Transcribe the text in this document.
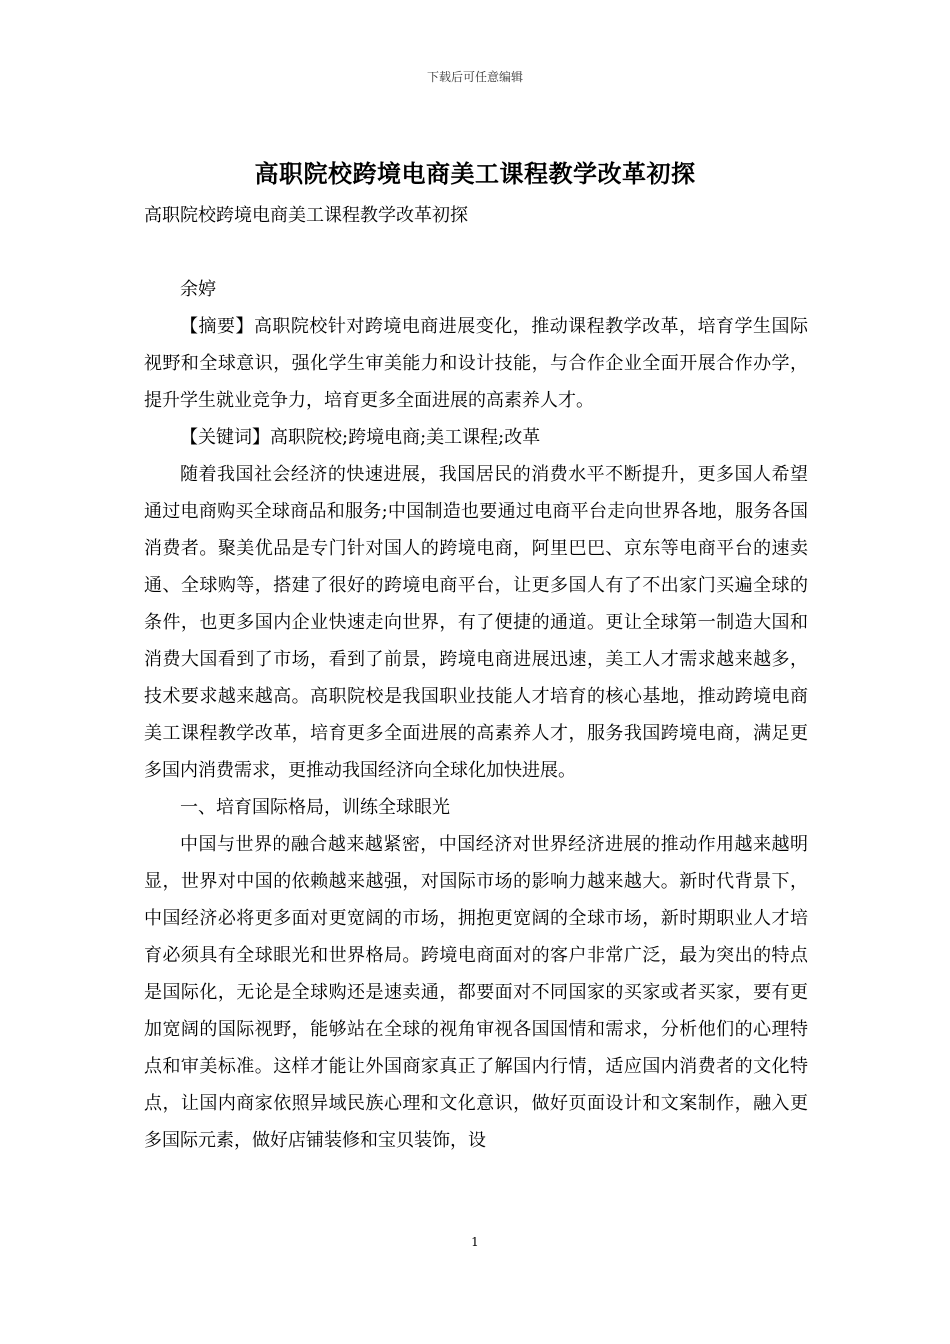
下载后可任意编辑
高职院校跨境电商美工课程教学改革初探
高职院校跨境电商美工课程教学改革初探

余婷

【摘要】高职院校针对跨境电商进展变化，推动课程教学改革，培育学生国际视野和全球意识，强化学生审美能力和设计技能，与合作企业全面开展合作办学，提升学生就业竞争力，培育更多全面进展的高素养人才。

【关键词】高职院校;跨境电商;美工课程;改革

随着我国社会经济的快速进展，我国居民的消费水平不断提升，更多国人希望通过电商购买全球商品和服务;中国制造也要通过电商平台走向世界各地，服务各国消费者。聚美优品是专门针对国人的跨境电商，阿里巴巴、京东等电商平台的速卖通、全球购等，搭建了很好的跨境电商平台，让更多国人有了不出家门买遍全球的条件，也更多国内企业快速走向世界，有了便捷的通道。更让全球第一制造大国和消费大国看到了市场，看到了前景，跨境电商进展迅速，美工人才需求越来越多，技术要求越来越高。高职院校是我国职业技能人才培育的核心基地，推动跨境电商美工课程教学改革，培育更多全面进展的高素养人才，服务我国跨境电商，满足更多国内消费需求，更推动我国经济向全球化加快进展。

一、培育国际格局，训练全球眼光

中国与世界的融合越来越紧密，中国经济对世界经济进展的推动作用越来越明显，世界对中国的依赖越来越强，对国际市场的影响力越来越大。新时代背景下，中国经济必将更多面对更宽阔的市场，拥抱更宽阔的全球市场，新时期职业人才培育必须具有全球眼光和世界格局。跨境电商面对的客户非常广泛，最为突出的特点是国际化，无论是全球购还是速卖通，都要面对不同国家的买家或者买家，要有更加宽阔的国际视野，能够站在全球的视角审视各国国情和需求，分析他们的心理特点和审美标准。这样才能让外国商家真正了解国内行情，适应国内消费者的文化特点，让国内商家依照异域民族心理和文化意识，做好页面设计和文案制作，融入更多国际元素，做好店铺装修和宝贝装饰，设

1
